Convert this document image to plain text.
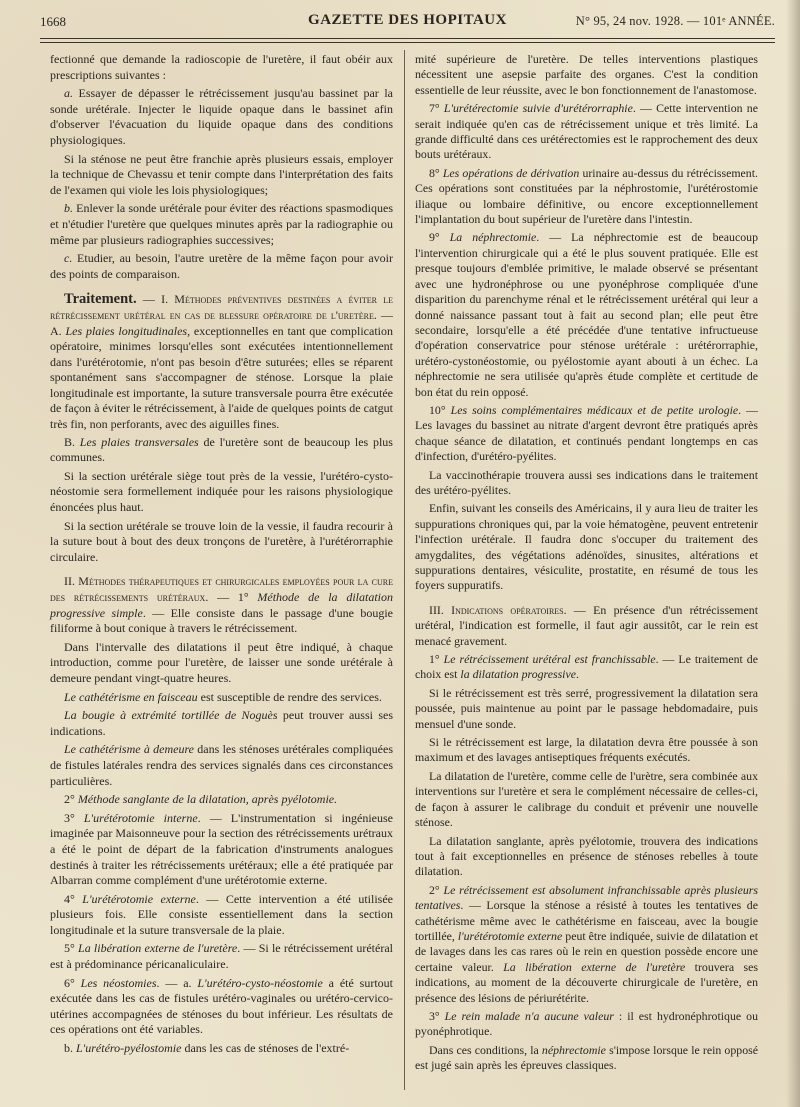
1668	GAZETTE DES HOPITAUX	N° 95, 24 nov. 1928. — 101ᵉ ANNÉE.

fectionné que demande la radioscopie de l'uretère, il faut obéir aux prescriptions suivantes :

a. Essayer de dépasser le rétrécissement jusqu'au bassinet par la sonde urétérale. Injecter le liquide opaque dans le bassinet afin d'observer l'évacuation du liquide opaque dans des conditions physiologiques.

Si la sténose ne peut être franchie après plusieurs essais, employer la technique de Chevassu et tenir compte dans l'interprétation des faits de l'examen qui viole les lois physiologiques;

b. Enlever la sonde urétérale pour éviter des réactions spasmodiques et n'étudier l'uretère que quelques minutes après par la radiographie ou même par plusieurs radiographies successives;

c. Etudier, au besoin, l'autre uretère de la même façon pour avoir des points de comparaison.

Traitement. — I. Méthodes préventives destinées a éviter le rétrécissement urétéral en cas de blessure opératoire de l'uretère. — A. Les plaies longitudinales, exceptionnelles en tant que complication opératoire, minimes lorsqu'elles sont exécutées intentionnellement dans l'urétérotomie, n'ont pas besoin d'être suturées; elles se réparent spontanément sans s'accompagner de sténose. Lorsque la plaie longitudinale est importante, la suture transversale pourra être exécutée de façon à éviter le rétrécissement, à l'aide de quelques points de catgut très fin, non perforants, avec des aiguilles fines.

B. Les plaies transversales de l'uretère sont de beaucoup les plus communes.

Si la section urétérale siège tout près de la vessie, l'urétéro-cysto-néostomie sera formellement indiquée pour les raisons physiologique énoncées plus haut.

Si la section urétérale se trouve loin de la vessie, il faudra recourir à la suture bout à bout des deux tronçons de l'uretère, à l'urétérorraphie circulaire.

II. Méthodes thérapeutiques et chirurgicales employées pour la cure des rétrécissements urétéraux. — 1° Méthode de la dilatation progressive simple. — Elle consiste dans le passage d'une bougie filiforme à bout conique à travers le rétrécissement.

Dans l'intervalle des dilatations il peut être indiqué, à chaque introduction, comme pour l'uretère, de laisser une sonde urétérale à demeure pendant vingt-quatre heures.

Le cathétérisme en faisceau est susceptible de rendre des services.

La bougie à extrémité tortillée de Noguès peut trouver aussi ses indications.

Le cathétérisme à demeure dans les sténoses urétérales compliquées de fistules latérales rendra des services signalés dans ces circonstances particulières.

2° Méthode sanglante de la dilatation, après pyélotomie.

3° L'urétérotomie interne. — L'instrumentation si ingénieuse imaginée par Maisonneuve pour la section des rétrécissements urétraux a été le point de départ de la fabrication d'instruments analogues destinés à traiter les rétrécissements urétéraux; elle a été pratiquée par Albarran comme complément d'une urétérotomie externe.

4° L'urétérotomie externe. — Cette intervention a été utilisée plusieurs fois. Elle consiste essentiellement dans la section longitudinale et la suture transversale de la plaie.

5° La libération externe de l'uretère. — Si le rétrécissement urétéral est à prédominance péricanaliculaire.

6° Les néostomies. — a. L'urétéro-cysto-néostomie a été surtout exécutée dans les cas de fistules urétéro-vaginales ou urétéro-cervico-utérines accompagnées de sténoses du bout inférieur. Les résultats de ces opérations ont été variables.

b. L'urétéro-pyélostomie dans les cas de sténoses de l'extré-

mité supérieure de l'uretère. De telles interventions plastiques nécessitent une asepsie parfaite des organes. C'est la condition essentielle de leur réussite, avec le bon fonctionnement de l'anastomose.

7° L'urétérectomie suivie d'urétérorraphie. — Cette intervention ne serait indiquée qu'en cas de rétrécissement unique et très limité. La grande difficulté dans ces urétérectomies est le rapprochement des deux bouts urétéraux.

8° Les opérations de dérivation urinaire au-dessus du rétrécissement. Ces opérations sont constituées par la néphrostomie, l'urétérostomie iliaque ou lombaire définitive, ou encore exceptionnellement l'implantation du bout supérieur de l'uretère dans l'intestin.

9° La néphrectomie. — La néphrectomie est de beaucoup l'intervention chirurgicale qui a été le plus souvent pratiquée. Elle est presque toujours d'emblée primitive, le malade observé se présentant avec une hydronéphrose ou une pyonéphrose compliquée d'une disparition du parenchyme rénal et le rétrécissement urétéral qui leur a donné naissance passant tout à fait au second plan; elle peut être secondaire, lorsqu'elle a été précédée d'une tentative infructueuse d'opération conservatrice pour sténose urétérale : urétérorraphie, urétéro-cystonéostomie, ou pyélostomie ayant abouti à un échec. La néphrectomie ne sera utilisée qu'après étude complète et certitude de bon état du rein opposé.

10° Les soins complémentaires médicaux et de petite urologie. — Les lavages du bassinet au nitrate d'argent devront être pratiqués après chaque séance de dilatation, et continués pendant longtemps en cas d'infection, d'urétéro-pyélites.

La vaccinothérapie trouvera aussi ses indications dans le traitement des urétéro-pyélites.

Enfin, suivant les conseils des Américains, il y aura lieu de traiter les suppurations chroniques qui, par la voie hématogène, peuvent entretenir l'infection urétérale. Il faudra donc s'occuper du traitement des amygdalites, des végétations adénoïdes, sinusites, altérations et suppurations dentaires, vésiculite, prostatite, en résumé de tous les foyers suppuratifs.

III. Indications opératoires. — En présence d'un rétrécissement urétéral, l'indication est formelle, il faut agir aussitôt, car le rein est menacé gravement.

1° Le rétrécissement urétéral est franchissable. — Le traitement de choix est la dilatation progressive.

Si le rétrécissement est très serré, progressivement la dilatation sera poussée, puis maintenue au point par le passage hebdomadaire, puis mensuel d'une sonde.

Si le rétrécissement est large, la dilatation devra être poussée à son maximum et des lavages antiseptiques fréquents exécutés.

La dilatation de l'uretère, comme celle de l'urètre, sera combinée aux interventions sur l'uretère et sera le complément nécessaire de celles-ci, de façon à assurer le calibrage du conduit et prévenir une nouvelle sténose.

La dilatation sanglante, après pyélotomie, trouvera des indications tout à fait exceptionnelles en présence de sténoses rebelles à toute dilatation.

2° Le rétrécissement est absolument infranchissable après plusieurs tentatives. — Lorsque la sténose a résisté à toutes les tentatives de cathétérisme même avec le cathétérisme en faisceau, avec la bougie tortillée, l'urétérotomie externe peut être indiquée, suivie de dilatation et de lavages dans les cas rares où le rein en question possède encore une certaine valeur. La libération externe de l'uretère trouvera ses indications, au moment de la découverte chirurgicale de l'uretère, en présence des lésions de périurétérite.

3° Le rein malade n'a aucune valeur : il est hydronéphrotique ou pyonéphrotique.

Dans ces conditions, la néphrectomie s'impose lorsque le rein opposé est jugé sain après les épreuves classiques.
